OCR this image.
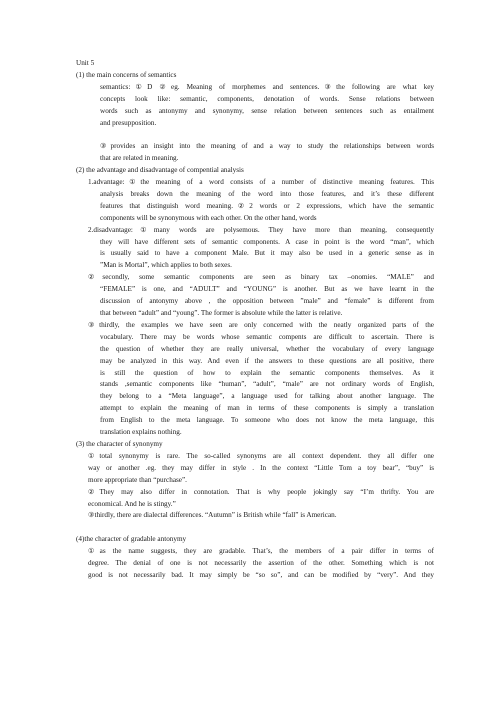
Unit 5
(1) the main concerns of semantics
semantics:①D ②eg. Meaning of morphemes and sentences.③the following are what key
concepts look like: semantic, components, denotation of words. Sense relations between
words such as antonymy and synonymy, sense relation between sentences such as entailment
and presupposition.
③provides an insight into the meaning of and a way to study the relationships between words
that are related in meaning.
(2) the advantage and disadvantage of compential analysis
1.advantage:①the meaning of a word consists of a number of distinctive meaning features. This
analysis breaks down the meaning of the word into those features, and it’s these different
features that distinguish word meaning.②2 words or 2 expressions, which have the semantic
components will be synonymous with each other. On the other hand, words
2.disadvantage:①many words are polysemous. They have more than meaning, consequently
they will have different sets of semantic components. A case in point is the word “man”, which
is usually said to have a component Male. But it may also be used in a generic sense as in
”Man is Mortal”, which applies to both sexes.
②secondly, some semantic components are seen as binary tax –onomies. “MALE” and
“FEMALE” is one, and “ADULT” and “YOUNG” is another. But as we have learnt in the
discussion of antonymy above , the opposition between ”male” and “female” is different from
that between “adult” and “young”. The former is absolute while the latter is relative.
③thirdly, the examples we have seen are only concerned with the neatly organized parts of the
vocabulary. There may be words whose semantic compents are difficult to ascertain. There is
the question of whether they are really universal, whether the vocabulary of every language
may be analyzed in this way. And even if the answers to these questions are all positive, there
is still the question of how to explain the semantic components themselves. As it
stands ,semantic components like “human”, “adult”, “male” are not ordinary words of English,
they belong to a “Meta language”, a language used for talking about another language. The
attempt to explain the meaning of man in terms of these components is simply a translation
from English to the meta language. To someone who does not know the meta language, this
translation explains nothing.
(3) the character of synonymy
①total synonymy is rare. The so-called synonyms are all context dependent. they all differ one
way or another .eg. they may differ in style . In the context “Little Tom a toy bear”, “buy” is
more appropriate than “purchase”.
②They may also differ in connotation. That is why people jokingly say “I’m thrifty. You are
economical. And he is stingy.”
③thirdly, there are dialectal differences. “Autumn” is British while “fall” is American.
(4)the character of gradable antonymy
①as the name suggests, they are gradable. That’s, the members of a pair differ in terms of
degree. The denial of one is not necessarily the assertion of the other. Something which is not
good is not necessarily bad. It may simply be “so so”, and can be modified by “very”. And they
